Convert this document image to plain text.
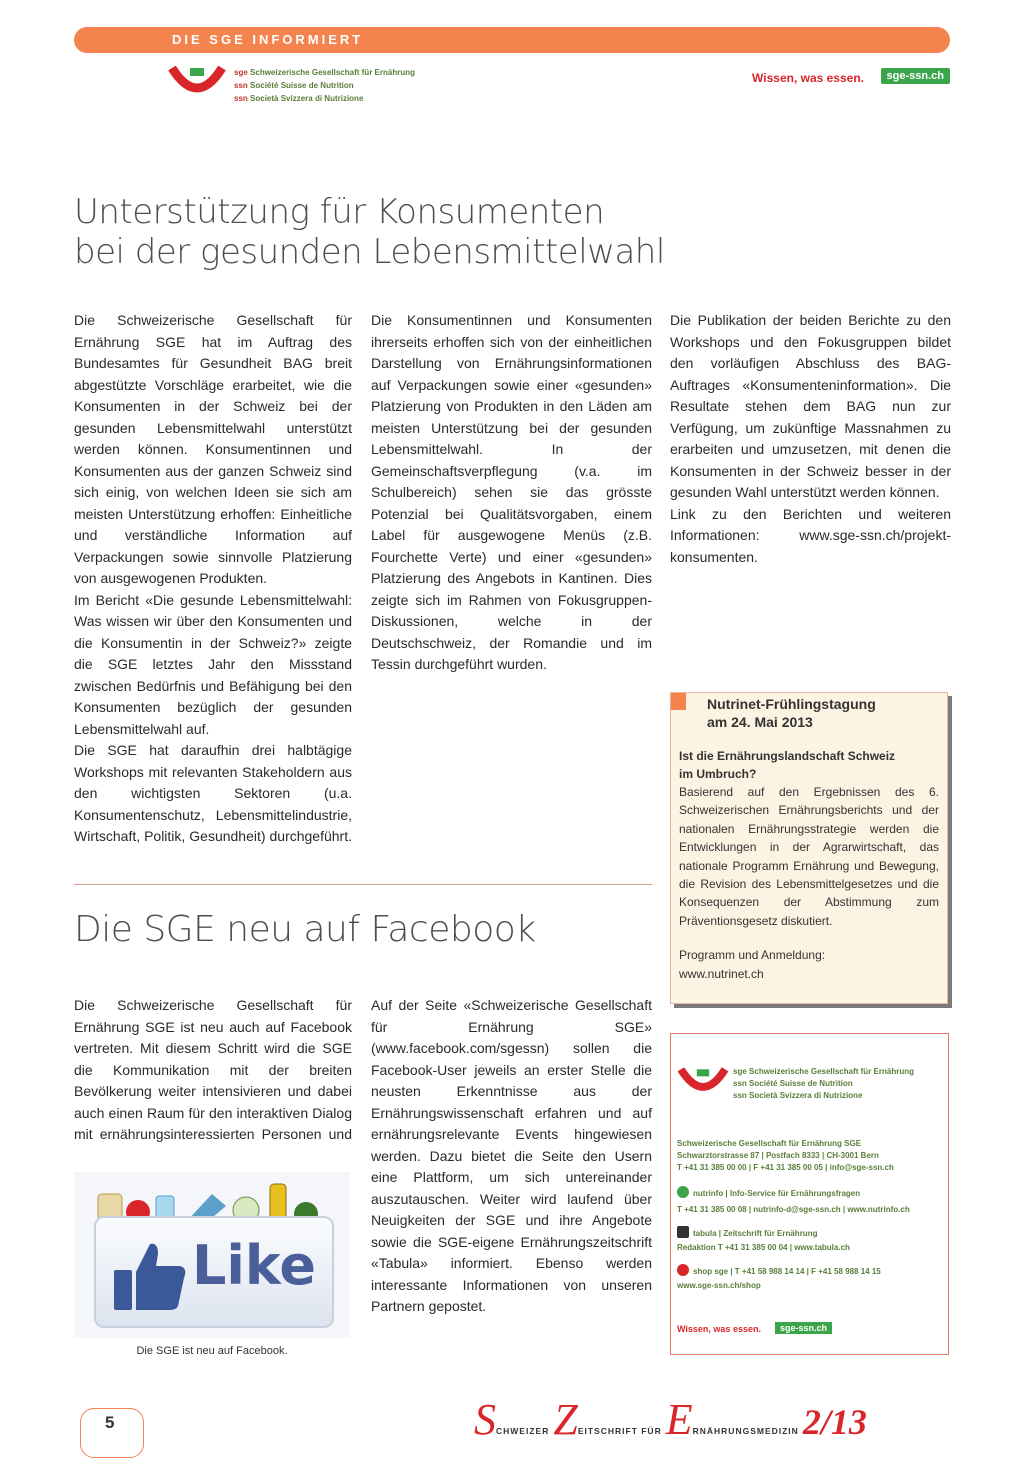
DIE SGE INFORMIERT
sge Schweizerische Gesellschaft für Ernährung
ssn Société Suisse de Nutrition
ssn Società Svizzera di Nutrizione
Wissen, was essen.	sge-ssn.ch
Unterstützung für Konsumenten
bei der gesunden Lebensmittelwahl

Die Schweizerische Gesellschaft für Ernährung SGE hat im Auftrag des Bundesamtes für Gesundheit BAG breit abgestützte Vorschläge erarbeitet, wie die Konsumenten in der Schweiz bei der gesunden Lebensmittelwahl unterstützt werden können. Konsumentinnen und Konsumenten aus der ganzen Schweiz sind sich einig, von welchen Ideen sie sich am meisten Unterstützung erhoffen: Einheitliche und verständliche Information auf Verpackungen sowie sinnvolle Platzierung von ausgewogenen Produkten.

Im Bericht «Die gesunde Lebensmittelwahl: Was wissen wir über den Konsumenten und die Konsumentin in der Schweiz?» zeigte die SGE letztes Jahr den Missstand zwischen Bedürfnis und Befähigung bei den Konsumenten bezüglich der gesunden Lebensmittelwahl auf.

Die SGE hat daraufhin drei halbtägige Workshops mit relevanten Stakeholdern aus den wichtigsten Sektoren (u.a. Konsumentenschutz, Lebensmittelindustrie, Wirtschaft, Politik, Gesundheit) durchgeführt.

Die Konsumentinnen und Konsumenten ihrerseits erhoffen sich von der einheitlichen Darstellung von Ernährungsinformationen auf Verpackungen sowie einer «gesunden» Platzierung von Produkten in den Läden am meisten Unterstützung bei der gesunden Lebensmittelwahl. In der Gemeinschaftsverpflegung (v.a. im Schulbereich) sehen sie das grösste Potenzial bei Qualitätsvorgaben, einem Label für ausgewogene Menüs (z.B. Fourchette Verte) und einer «gesunden» Platzierung des Angebots in Kantinen. Dies zeigte sich im Rahmen von Fokusgruppen-Diskussionen, welche in der Deutschschweiz, der Romandie und im Tessin durchgeführt wurden.

Die Publikation der beiden Berichte zu den Workshops und den Fokusgruppen bildet den vorläufigen Abschluss des BAG-Auftrages «Konsumenteninformation». Die Resultate stehen dem BAG nun zur Verfügung, um zukünftige Massnahmen zu erarbeiten und umzusetzen, mit denen die Konsumenten in der Schweiz besser in der gesunden Wahl unterstützt werden können.

Link zu den Berichten und weiteren Informationen: www.sge-ssn.ch/projekt-konsumenten.

Nutrinet-Frühlingstagung
am 24. Mai 2013
Ist die Ernährungslandschaft Schweiz
im Umbruch?
Basierend auf den Ergebnissen des 6. Schweizerischen Ernährungsberichts und der nationalen Ernährungsstrategie werden die Entwicklungen in der Agrarwirtschaft, das nationale Programm Ernährung und Bewegung, die Revision des Lebensmittelgesetzes und die Konsequenzen der Abstimmung zum Präventionsgesetz diskutiert.
Programm und Anmeldung:
www.nutrinet.ch
Die SGE neu auf Facebook

Die Schweizerische Gesellschaft für Ernährung SGE ist neu auch auf Facebook vertreten. Mit diesem Schritt wird die SGE die Kommunikation mit der breiten Bevölkerung weiter intensivieren und dabei auch einen Raum für den interaktiven Dialog mit ernährungsinteressierten Personen und

Auf der Seite «Schweizerische Gesellschaft für Ernährung SGE» (www.facebook.com/sgessn) sollen die Facebook-User jeweils an erster Stelle die neusten Erkenntnisse aus der Ernährungswissenschaft erfahren und auf ernährungsrelevante Events hingewiesen werden. Dazu bietet die Seite den Usern eine Plattform, um sich untereinander auszutauschen. Weiter wird laufend über Neuigkeiten der SGE und ihre Angebote sowie die SGE-eigene Ernährungszeitschrift «Tabula» informiert. Ebenso werden interessante Informationen von unseren Partnern gepostet.

Like
Die SGE ist neu auf Facebook.
sge Schweizerische Gesellschaft für Ernährung
ssn Société Suisse de Nutrition
ssn Società Svizzera di Nutrizione
Schweizerische Gesellschaft für Ernährung SGE
Schwarztorstrasse 87 | Postfach 8333 | CH-3001 Bern
T +41 31 385 00 00 | F +41 31 385 00 05 | info@sge-ssn.ch
nutrinfo | Info-Service für Ernährungsfragen
T +41 31 385 00 08 | nutrinfo-d@sge-ssn.ch | www.nutrinfo.ch
tabula | Zeitschrift für Ernährung
Redaktion T +41 31 385 00 04 | www.tabula.ch
shop sge | T +41 58 988 14 14 | F +41 58 988 14 15
www.sge-ssn.ch/shop
Wissen, was essen.	sge-ssn.ch
5	SCHWEIZER ZEITSCHRIFT FÜR ERNÄHRUNGSMEDIZIN 2/13
